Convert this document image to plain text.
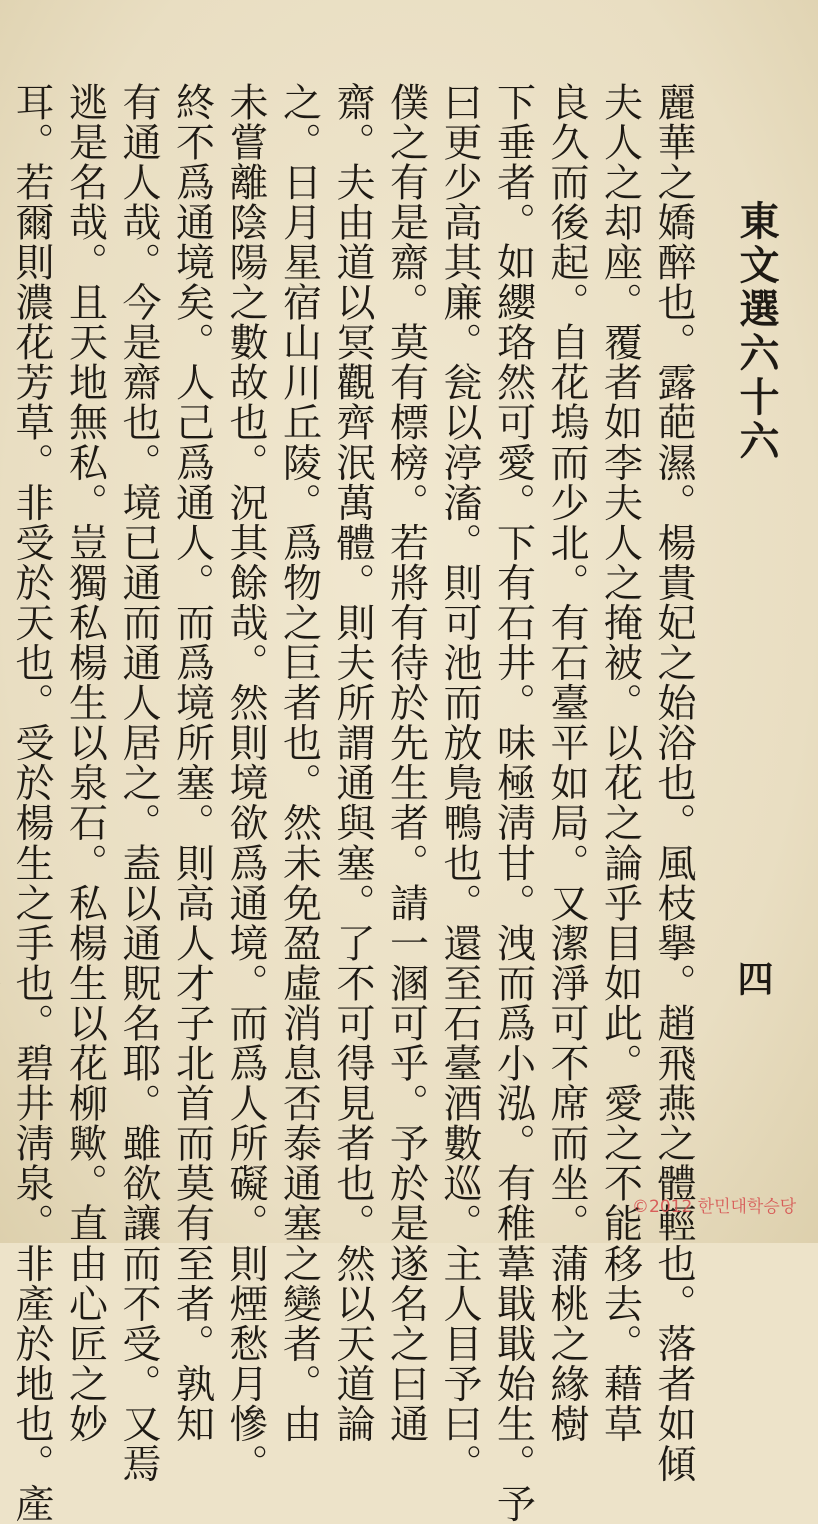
東文選六十六
四
麗華之嬌醉也。露葩濕。楊貴妃之始浴也。風枝擧。趙飛燕之體輕也。落者如傾
夫人之却座。覆者如李夫人之掩被。以花之論乎目如此。愛之不能移去。藉草
良久而後起。自花塢而少北。有石臺平如局。又潔淨可不席而坐。蒲桃之緣樹
下垂者。如纓珞然可愛。下有石井。味極淸甘。洩而爲小泓。有稚葦戢戢始生。予
曰更少高其廉。瓮以渟滀。則可池而放鳬鴨也。還至石臺酒數巡。主人目予曰。
僕之有是齋。莫有標榜。若將有待於先生者。請一溷可乎。予於是遂名之曰通
齋。夫由道以冥觀齊泯萬體。則夫所謂通與塞。了不可得見者也。然以天道論
之。日月星宿山川丘陵。爲物之巨者也。然未免盈虛消息否泰通塞之變者。由
未嘗離陰陽之數故也。況其餘哉。然則境欲爲通境。而爲人所礙。則煙愁月慘。
終不爲通境矣。人己爲通人。而爲境所塞。則高人才子北首而莫有至者。孰知
有通人哉。今是齋也。境已通而通人居之。盍以通貺名耶。雖欲讓而不受。又焉
逃是名哉。且天地無私。豈獨私楊生以泉石。私楊生以花柳歟。直由心匠之妙
耳。若爾則濃花芳草。非受於天也。受於楊生之手也。碧井淸泉。非產於地也。產	©2012 한민대학승당
